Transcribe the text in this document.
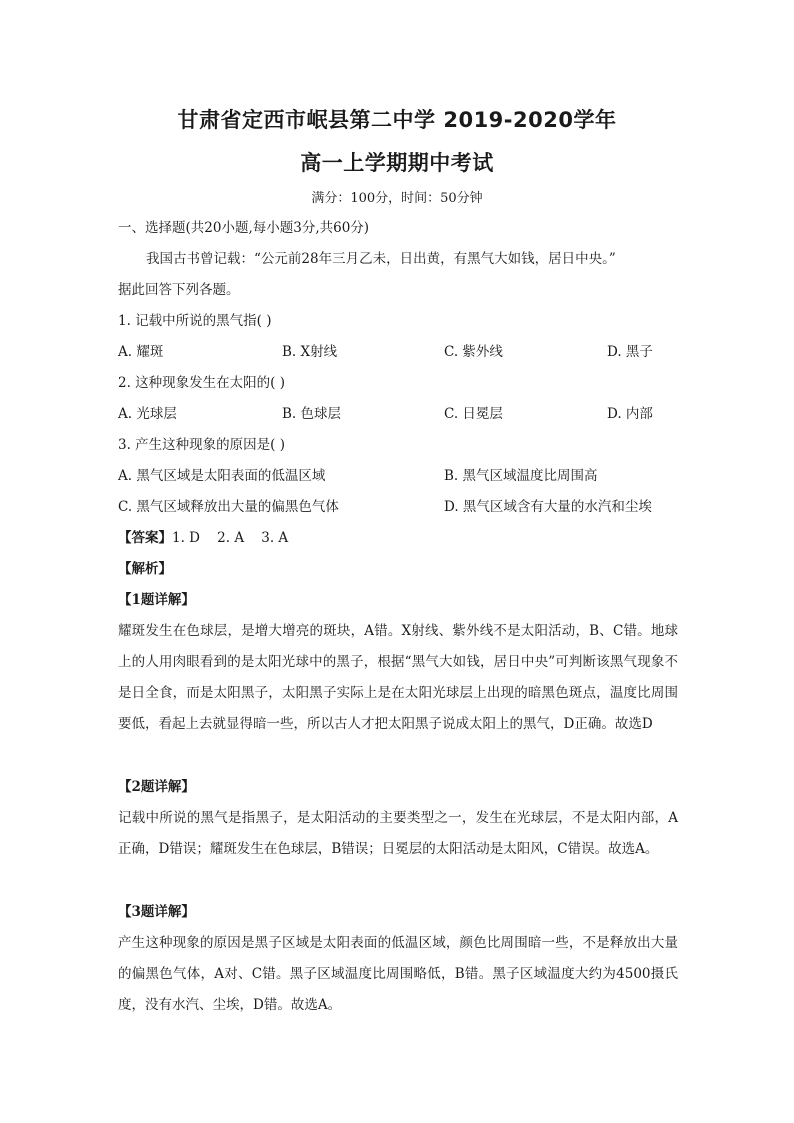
甘肃省定西市岷县第二中学 2019-2020学年
高一上学期期中考试
满分：100分，时间：50分钟
一、选择题(共20小题,每小题3分,共60分)
我国古书曾记载：“公元前28年三月乙未，日出黄，有黑气大如钱，居日中央。”
据此回答下列各题。
1. 记载中所说的黑气指( )
A. 耀斑	B. X射线	C. 紫外线	D. 黑子
2. 这种现象发生在太阳的( )
A. 光球层	B. 色球层	C. 日冕层	D. 内部
3. 产生这种现象的原因是( )
A. 黑气区域是太阳表面的低温区域	B. 黑气区域温度比周围高
C. 黑气区域释放出大量的偏黑色气体	D. 黑气区域含有大量的水汽和尘埃
【答案】1. D    2. A    3. A
【解析】
【1题详解】
耀斑发生在色球层，是增大增亮的斑块，A错。X射线、紫外线不是太阳活动，B、C错。地球上的人用肉眼看到的是太阳光球中的黑子，根据“黑气大如钱，居日中央”可判断该黑气现象不是日全食，而是太阳黑子，太阳黑子实际上是在太阳光球层上出现的暗黑色斑点，温度比周围要低，看起上去就显得暗一些，所以古人才把太阳黑子说成太阳上的黑气，D正确。故选D
【2题详解】
记载中所说的黑气是指黑子，是太阳活动的主要类型之一，发生在光球层，不是太阳内部，A正确，D错误；耀斑发生在色球层，B错误；日冕层的太阳活动是太阳风，C错误。故选A。
【3题详解】
产生这种现象的原因是黑子区域是太阳表面的低温区域，颜色比周围暗一些，不是释放出大量的偏黑色气体，A对、C错。黑子区域温度比周围略低，B错。黑子区域温度大约为4500摄氏度，没有水汽、尘埃，D错。故选A。
